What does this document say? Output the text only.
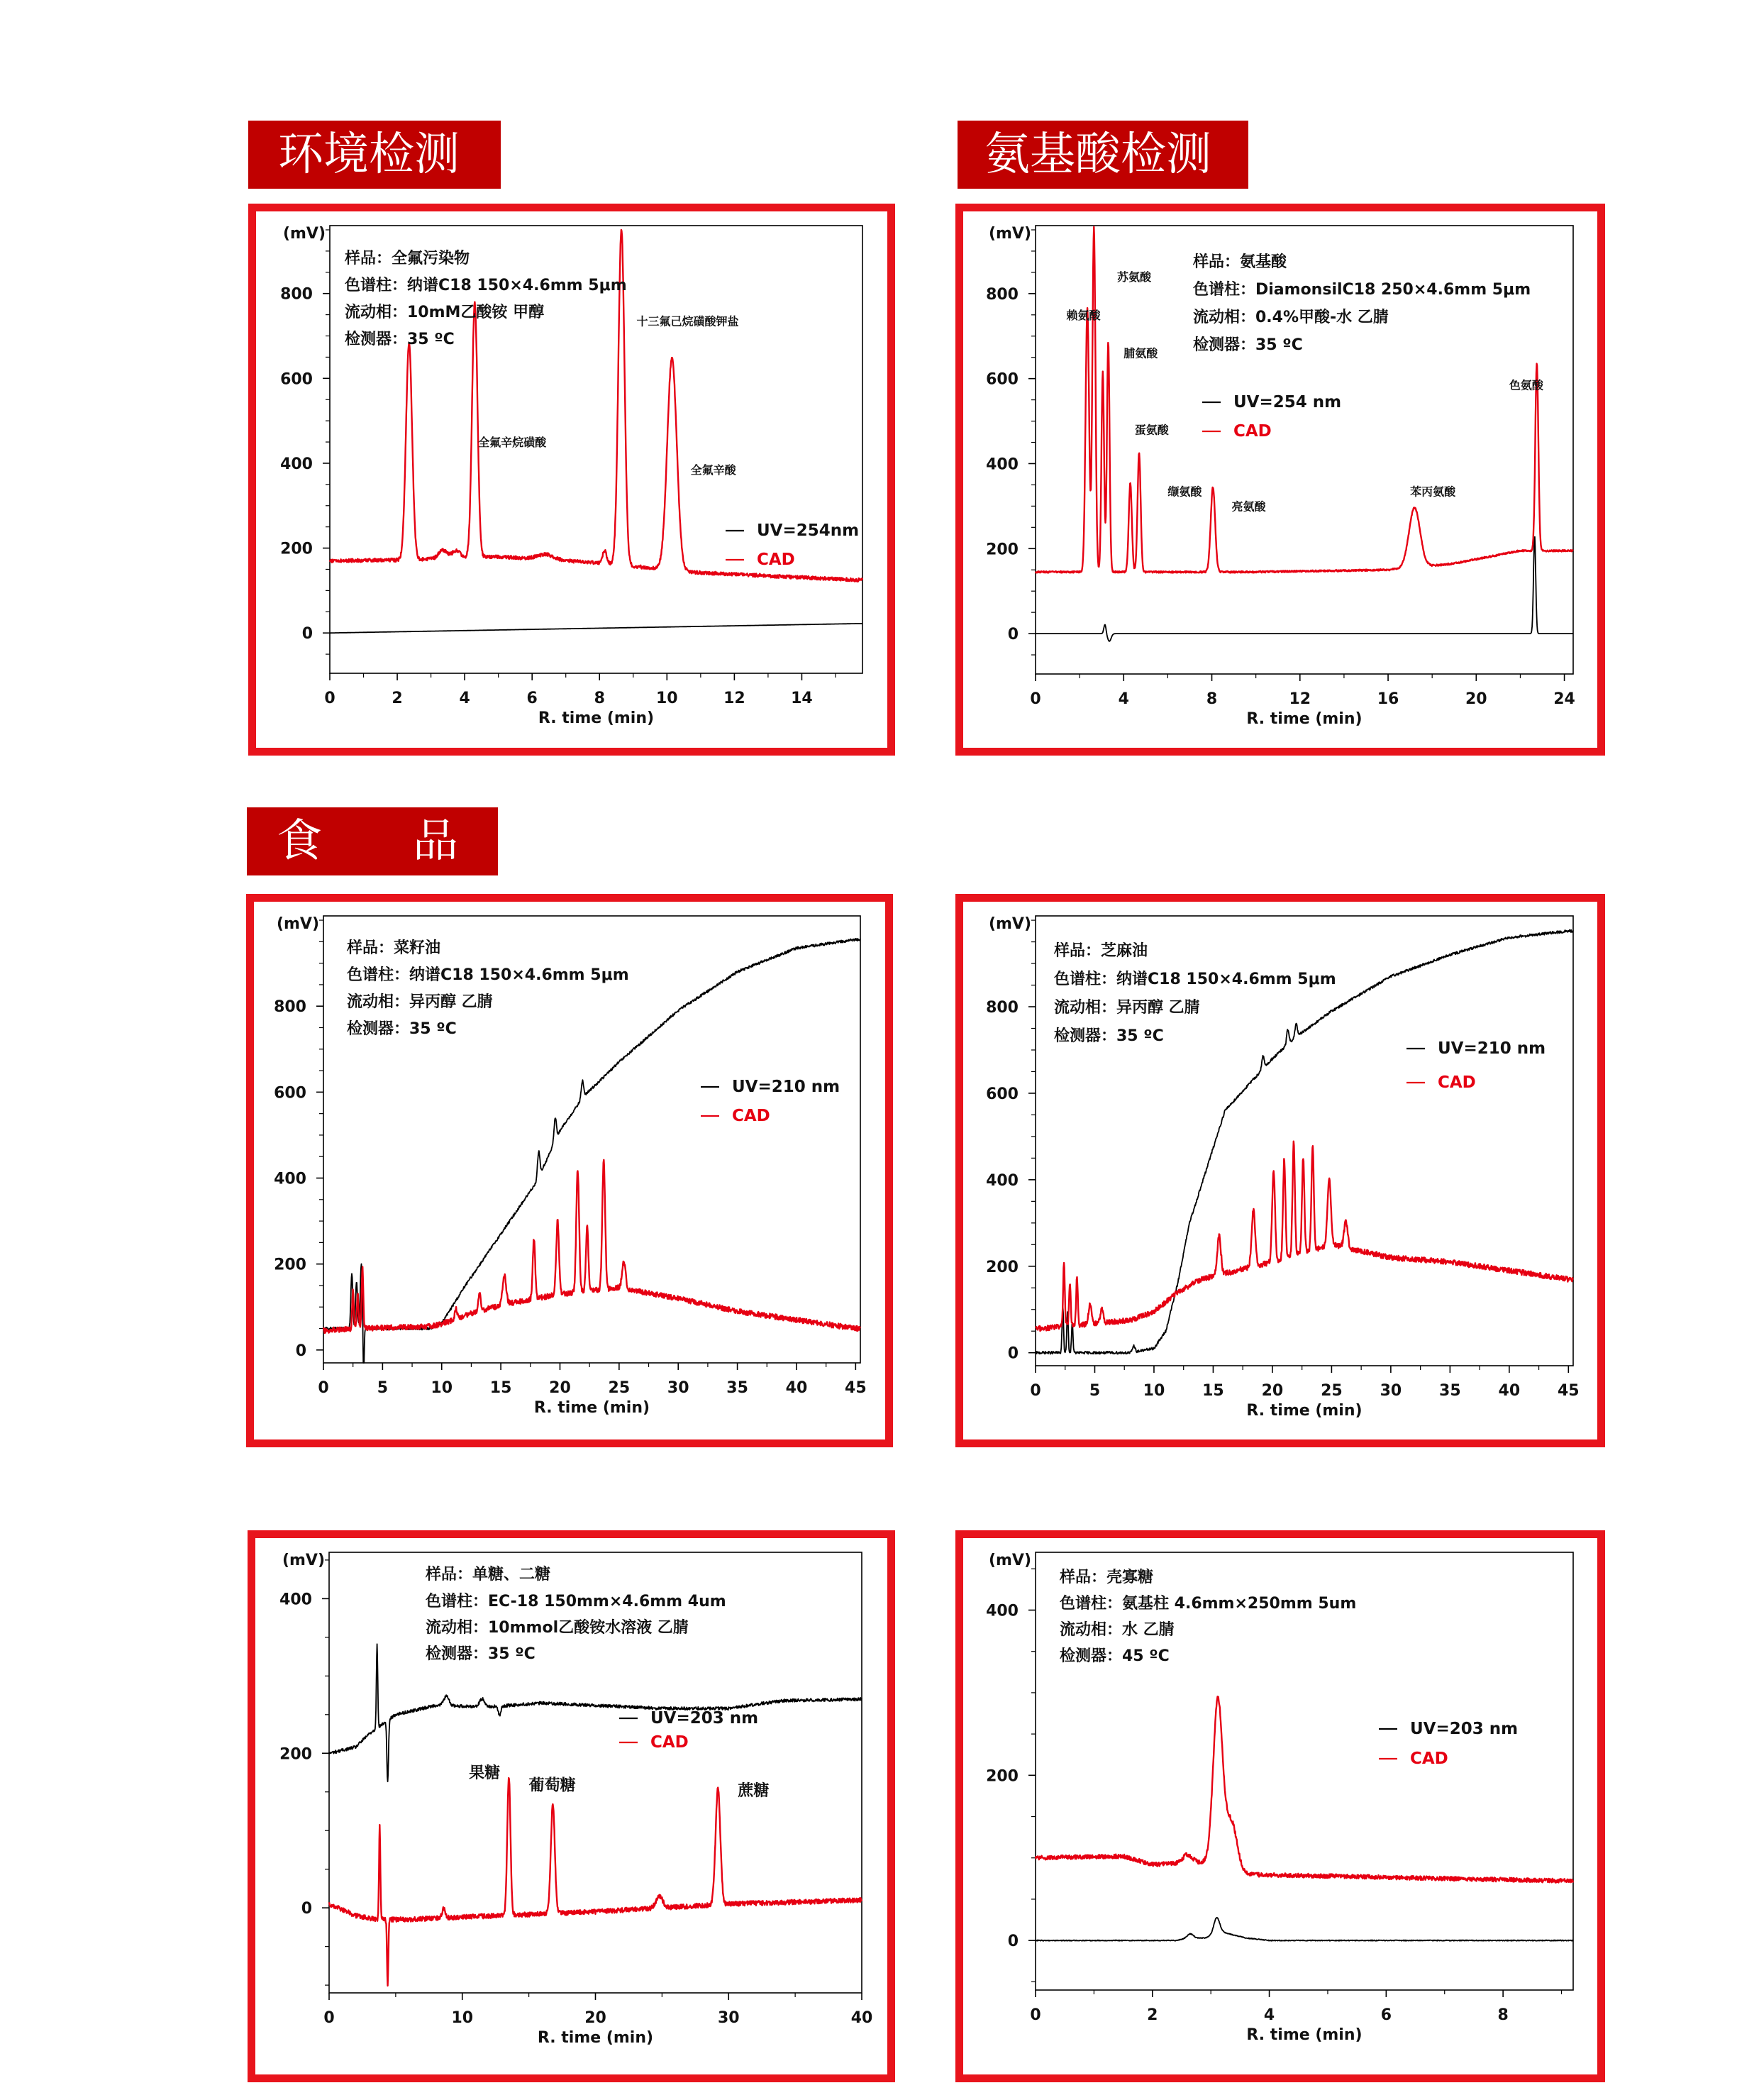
环境检测	氨基酸检测
食　　品
0	2	4	6	8	10	12	14
0
200
400
600
800
(mV)
R. time (min)
样品：全氟污染物
色谱柱：纳谱C18 150×4.6mm 5μm
流动相：10mM乙酸铵 甲醇
检测器：35 ºC
UV=254nm
CAD
全氟辛烷磺酸
十三氟己烷磺酸钾盐
全氟辛酸
0	4	8	12	16	20	24
0
200
400
600
800
(mV)
R. time (min)
样品：氨基酸
色谱柱：DiamonsilC18 250×4.6mm 5μm
流动相：0.4%甲酸-水 乙腈
检测器：35 ºC
UV=254 nm
CAD
赖氨酸
苏氨酸
脯氨酸
蛋氨酸
缬氨酸
亮氨酸
苯丙氨酸
色氨酸
0	5	10 15 20 25 30 35 40 45
0
200
400
600
800
(mV)
R. time (min)
样品：菜籽油
色谱柱：纳谱C18 150×4.6mm 5μm
流动相：异丙醇 乙腈
检测器：35 ºC
UV=210 nm
CAD
0	5	10 15 20 25 30 35 40 45
0
200
400
600
800
(mV)
R. time (min)
样品：芝麻油
色谱柱：纳谱C18 150×4.6mm 5μm
流动相：异丙醇 乙腈
检测器：35 ºC
UV=210 nm
CAD
0	10	20	30	40
0
200
400
(mV)
R. time (min)
样品：单糖、二糖
色谱柱：EC-18 150mm×4.6mm 4um
流动相：10mmol乙酸铵水溶液 乙腈
检测器：35 ºC
UV=203 nm
CAD
果糖
葡萄糖	蔗糖
0	2	4	6	8
0
200
400
(mV)
R. time (min)
样品：壳寡糖
色谱柱：氨基柱 4.6mm×250mm 5um
流动相：水 乙腈
检测器：45 ºC
UV=203 nm
CAD
